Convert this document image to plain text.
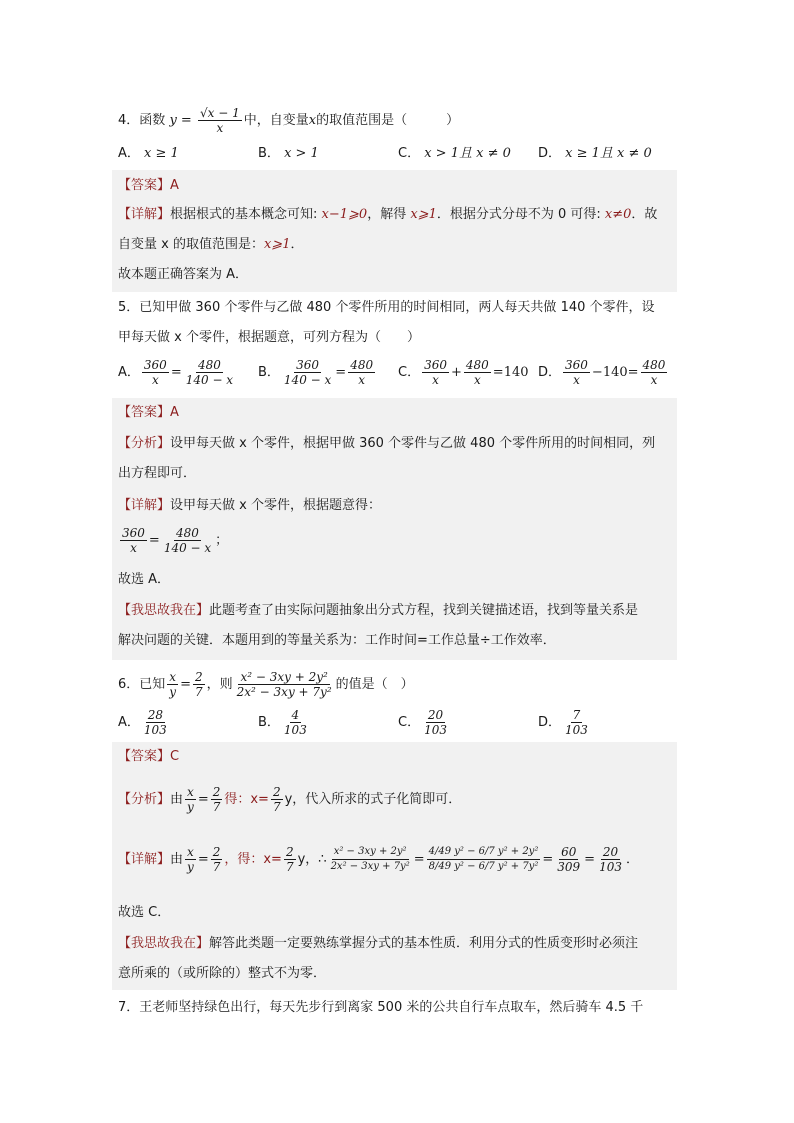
4．函数 $y = \frac{√x - 1}{x}$ 中，自变量x的取值范围是（　　　）
A． x ≥ 1	B． x > 1	C． x > 1且 x ≠ 0 D． x ≥ 1且 x ≠ 0
【答案】A
【详解】根据根式的基本概念可知: x−1⩾0，解得 x⩾1．根据分式分母不为 0 可得: x≠0．故
自变量 x 的取值范围是：x⩾1．
故本题正确答案为 A．
5．已知甲做 360 个零件与乙做 480 个零件所用的时间相同，两人每天共做 140 个零件，设
甲每天做 x 个零件，根据题意，可列方程为（　　）
A． $\frac{360}{x} = \frac{480}{140 - x}$ B． $\frac{360}{140 - x} = \frac{480}{x}$ C． $\frac{360}{x} + \frac{480}{x} =140$ D． $\frac{360}{x} -140= \frac{480}{x}$
【答案】A
【分析】设甲每天做 x 个零件，根据甲做 360 个零件与乙做 480 个零件所用的时间相同，列
出方程即可．
【详解】设甲每天做 x 个零件，根据题意得：
$\frac{360}{x} = \frac{480}{140 - x}$ ；
故选 A．
【我思故我在】此题考查了由实际问题抽象出分式方程，找到关键描述语，找到等量关系是
解决问题的关键．本题用到的等量关系为：工作时间=工作总量÷工作效率．
6．已知 $\frac{x}{y} = \frac{2}{7}$ ，则 $\frac{\text{x² − 3xy + 2y²}}{\text{2x² − 3xy + 7y²}}$ 的值是（　）
A． $\frac{28}{103}$	B． $\frac{4}{103}$	C． $\frac{20}{103}$	D． $\frac{7}{103}$
【答案】C
【分析】由 $\frac{x}{y} = \frac{2}{7}$ 得：$x= \frac{2}{7}$ y，代入所求的式子化简即可．
【详解】由 $\frac{x}{y} = \frac{2}{7}$ ，得：$x= \frac{2}{7}$ y，∴ $\frac{\text{x² − 3xy + 2y²}}{\text{2x² − 3xy + 7y²}} = \frac{\text{4/49 y² − 6/7 y² + 2y²}}{\text{8/49 y² − 6/7 y² + 7y²}} = \frac{60}{309} = \frac{20}{103}$ ．
故选 C．
【我思故我在】解答此类题一定要熟练掌握分式的基本性质．利用分式的性质变形时必须注
意所乘的（或所除的）整式不为零．
7．王老师坚持绿色出行，每天先步行到离家 500 米的公共自行车点取车，然后骑车 4.5 千
